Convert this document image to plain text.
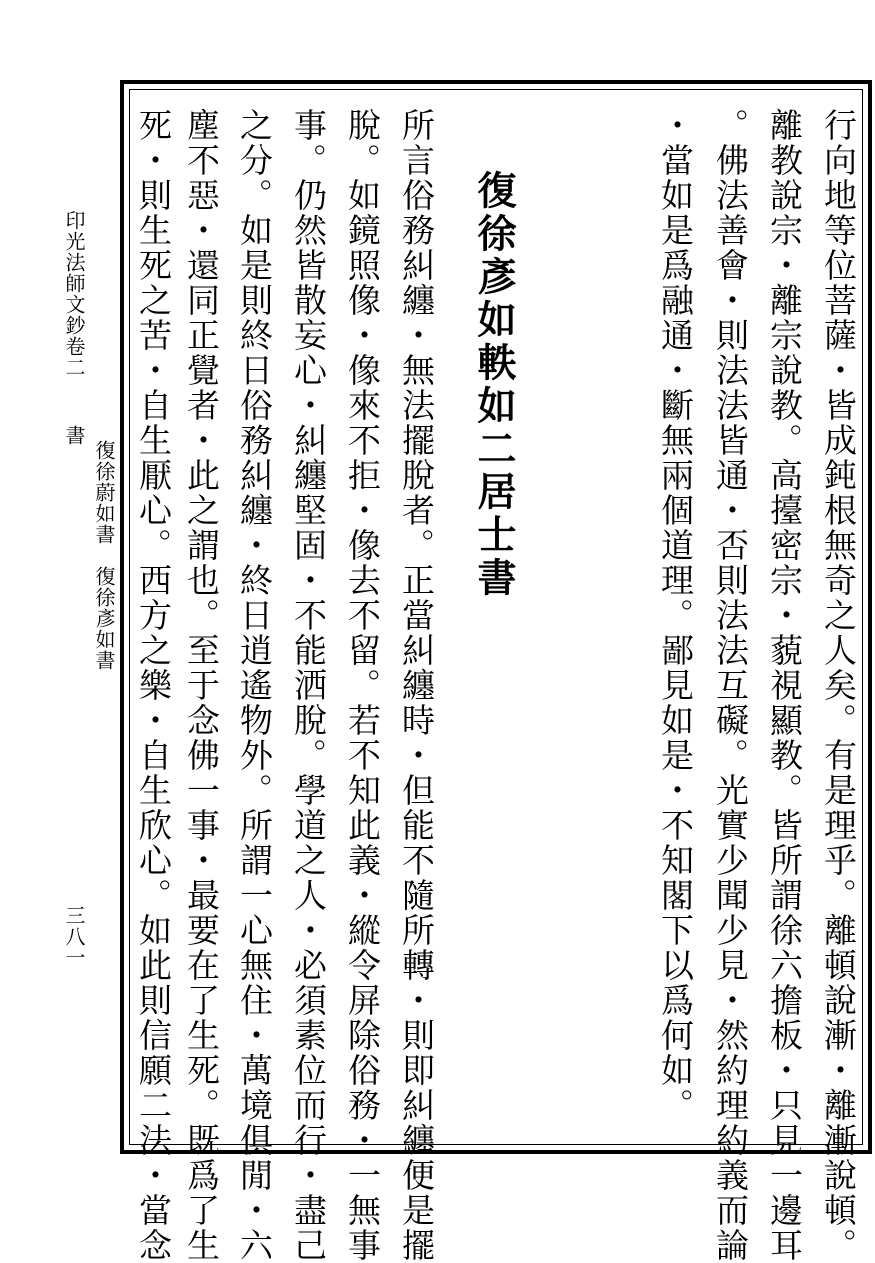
印光法師文鈔卷二  書
復徐蔚如書　復徐彥如書
三八一	行向地等位菩薩・皆成鈍根無奇之人矣。有是理乎。離頓說漸・離漸說頓。
離教說宗・離宗說教。高擡密宗・藐視顯教。皆所謂徐六擔板・只見一邊耳
。佛法善會・則法法皆通・否則法法互礙。光實少聞少見・然約理約義而論
・當如是爲融通・斷無兩個道理。鄙見如是・不知閣下以爲何如。
復徐彥如軼如二居士書
所言俗務糾纏・無法擺脫者。正當糾纏時・但能不隨所轉・則即糾纏便是擺
脫。如鏡照像・像來不拒・像去不留。若不知此義・縱令屏除俗務・一無事
事。仍然皆散妄心・糾纏堅固・不能洒脫。學道之人・必須素位而行・盡己
之分。如是則終日俗務糾纏・終日逍遙物外。所謂一心無住・萬境俱閒・六
塵不惡・還同正覺者・此之謂也。至于念佛一事・最要在了生死。既爲了生
死・則生死之苦・自生厭心。西方之樂・自生欣心。如此則信願二法・當念
